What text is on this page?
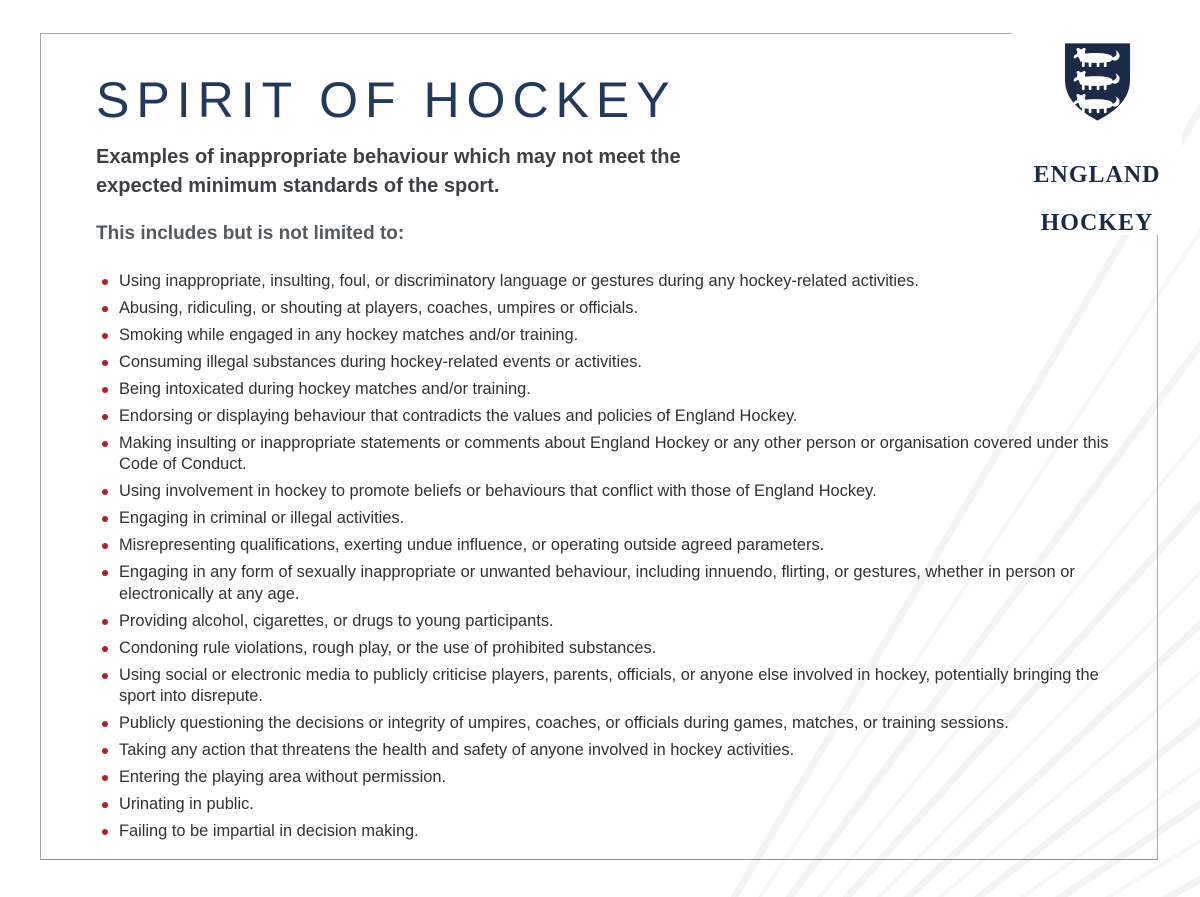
SPIRIT OF HOCKEY

Examples of inappropriate behaviour which may not meet the expected minimum standards of the sport.

This includes but is not limited to:

Using inappropriate, insulting, foul, or discriminatory language or gestures during any hockey-related activities.
Abusing, ridiculing, or shouting at players, coaches, umpires or officials.
Smoking while engaged in any hockey matches and/or training.
Consuming illegal substances during hockey-related events or activities.
Being intoxicated during hockey matches and/or training.
Endorsing or displaying behaviour that contradicts the values and policies of England Hockey.
Making insulting or inappropriate statements or comments about England Hockey or any other person or organisation covered under this Code of Conduct.
Using involvement in hockey to promote beliefs or behaviours that conflict with those of England Hockey.
Engaging in criminal or illegal activities.
Misrepresenting qualifications, exerting undue influence, or operating outside agreed parameters.
Engaging in any form of sexually inappropriate or unwanted behaviour, including innuendo, flirting, or gestures, whether in person or electronically at any age.
Providing alcohol, cigarettes, or drugs to young participants.
Condoning rule violations, rough play, or the use of prohibited substances.
Using social or electronic media to publicly criticise players, parents, officials, or anyone else involved in hockey, potentially bringing the sport into disrepute.
Publicly questioning the decisions or integrity of umpires, coaches, or officials during games, matches, or training sessions.
Taking any action that threatens the health and safety of anyone involved in hockey activities.
Entering the playing area without permission.
Urinating in public.
Failing to be impartial in decision making.

ENGLAND

HOCKEY
